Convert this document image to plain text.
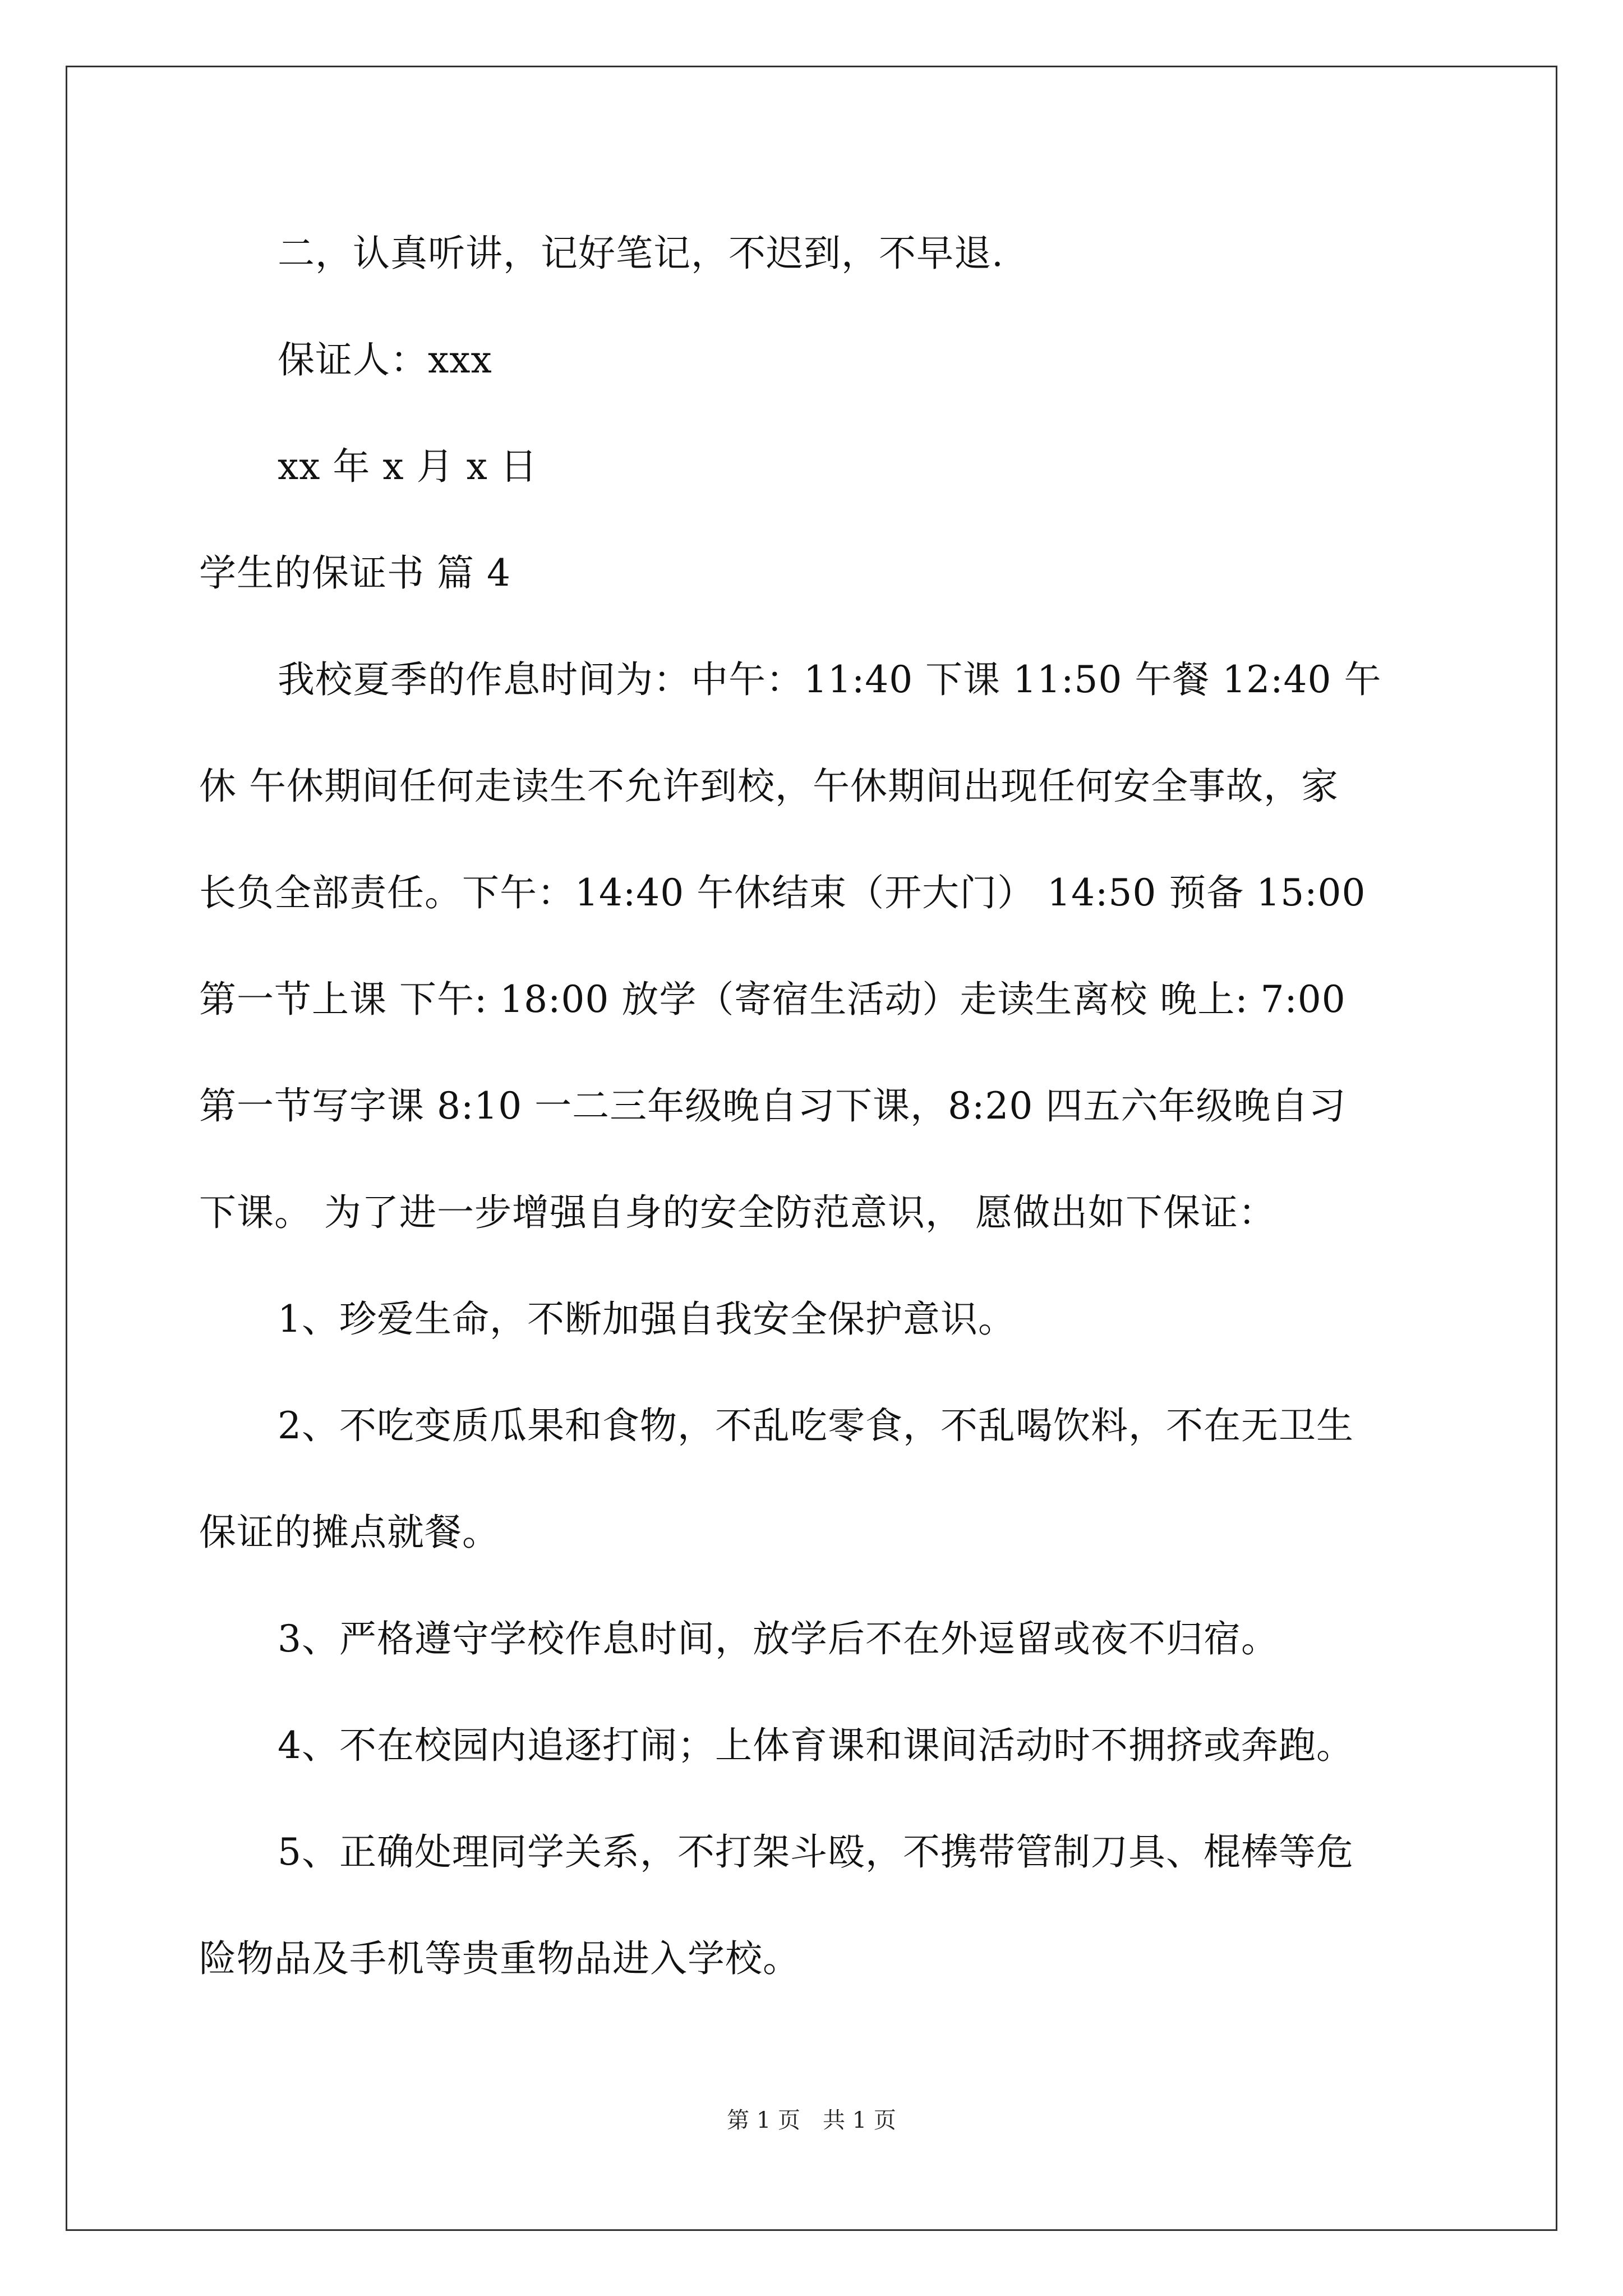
二，认真听讲，记好笔记，不迟到，不早退.
保证人：xxx
xx 年 x 月 x 日
学生的保证书 篇 4
我校夏季的作息时间为：中午：11:40 下课 11:50 午餐 12:40 午
休 午休期间任何走读生不允许到校，午休期间出现任何安全事故，家
长负全部责任。下午：14:40 午休结束（开大门） 14:50 预备 15:00
第一节上课 下午: 18:00 放学（寄宿生活动）走读生离校 晚上: 7:00
第一节写字课 8:10 一二三年级晚自习下课，8:20 四五六年级晚自习
下课。 为了进一步增强自身的安全防范意识， 愿做出如下保证：
1、珍爱生命，不断加强自我安全保护意识。
2、不吃变质瓜果和食物，不乱吃零食，不乱喝饮料，不在无卫生
保证的摊点就餐。
3、严格遵守学校作息时间，放学后不在外逗留或夜不归宿。
4、不在校园内追逐打闹；上体育课和课间活动时不拥挤或奔跑。
5、正确处理同学关系，不打架斗殴，不携带管制刀具、棍棒等危
险物品及手机等贵重物品进入学校。
第 1 页　共 1 页
